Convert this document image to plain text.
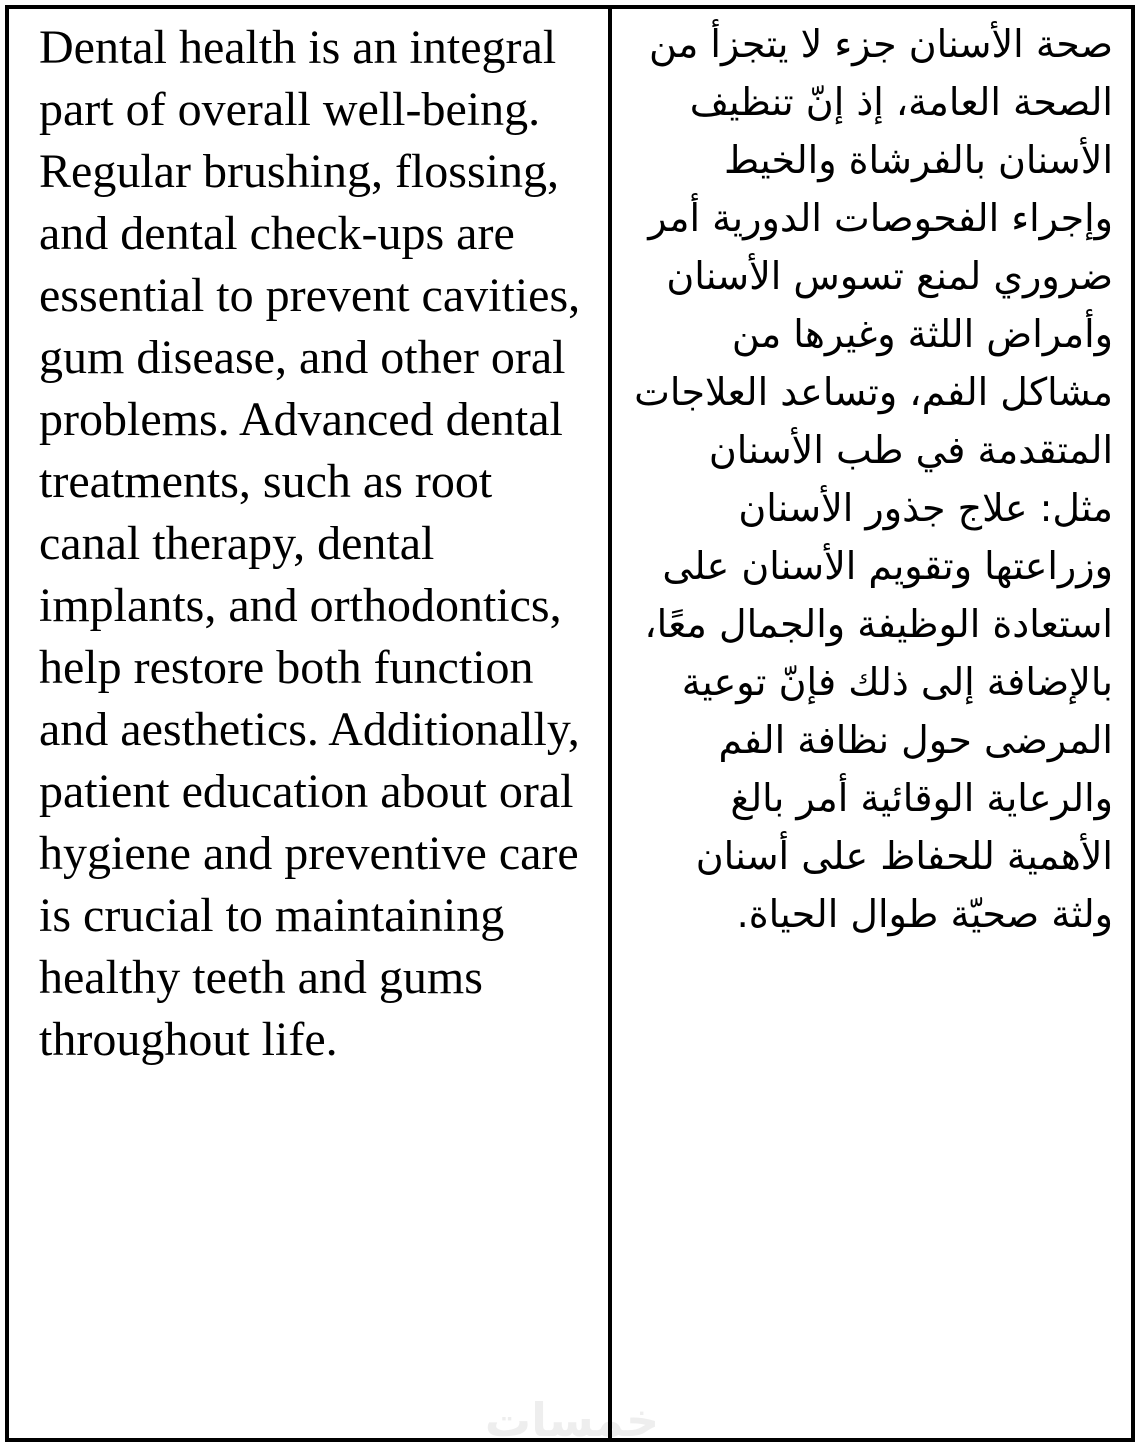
خمسات
Dental health is an integral part of overall well-being. Regular brushing, flossing, and dental check-ups are essential to prevent cavities, gum disease, and other oral problems. Advanced dental treatments, such as root canal therapy, dental implants, and orthodontics, help restore both function and aesthetics. Additionally, patient education about oral hygiene and preventive care is crucial to maintaining healthy teeth and gums throughout life.
صحة الأسنان جزء لا يتجزأ من الصحة العامة، إذ إنّ تنظيف الأسنان بالفرشاة والخيط وإجراء الفحوصات الدورية أمر ضروري لمنع تسوس الأسنان وأمراض اللثة وغيرها من مشاكل الفم، وتساعد العلاجات المتقدمة في طب الأسنان مثل: علاج جذور الأسنان وزراعتها وتقويم الأسنان على استعادة الوظيفة والجمال معًا، بالإضافة إلى ذلك فإنّ توعية المرضى حول نظافة الفم والرعاية الوقائية أمر بالغ الأهمية للحفاظ على أسنان ولثة صحيّة طوال الحياة.
